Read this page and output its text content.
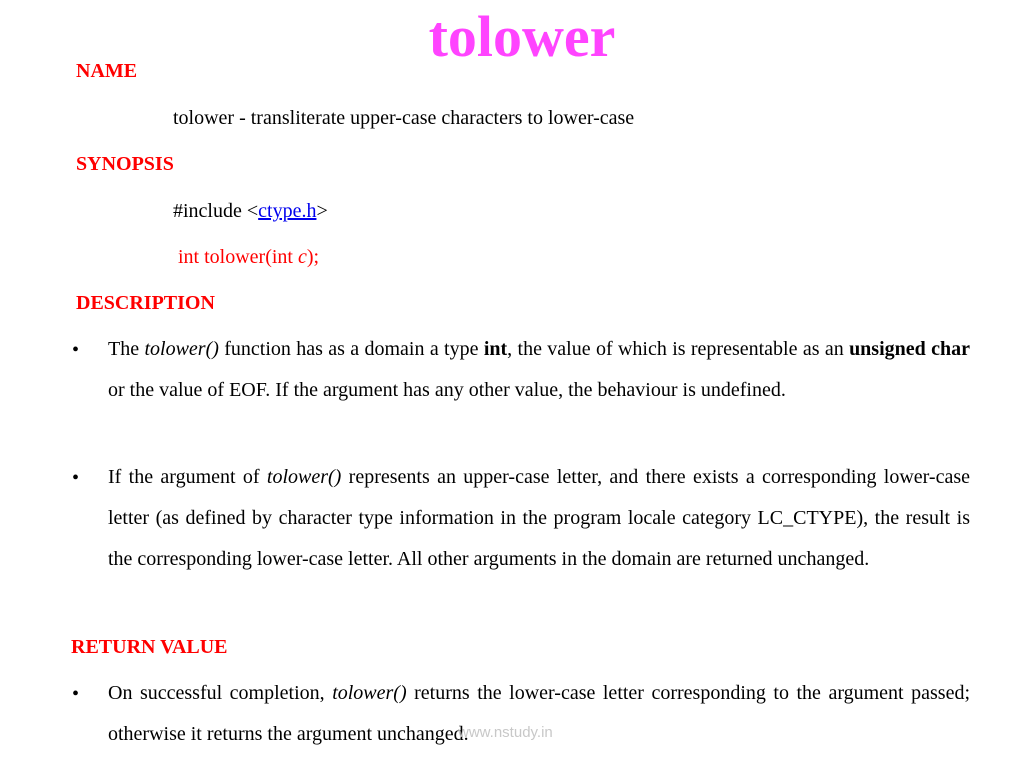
tolower
NAME
tolower - transliterate upper-case characters to lower-case
SYNOPSIS
#include <ctype.h>
int tolower(int c);
DESCRIPTION
• The tolower() function has as a domain a type int, the value of which is representable as an unsigned char or the value of EOF. If the argument has any other value, the behaviour is undefined.

• If the argument of tolower() represents an upper-case letter, and there exists a corresponding lower-case letter (as defined by character type information in the program locale category LC_CTYPE), the result is the corresponding lower-case letter. All other arguments in the domain are returned unchanged.

RETURN VALUE
• On successful completion, tolower() returns the lower-case letter corresponding to the argument passed; otherwise it returns the argument unchanged.

www.nstudy.in
